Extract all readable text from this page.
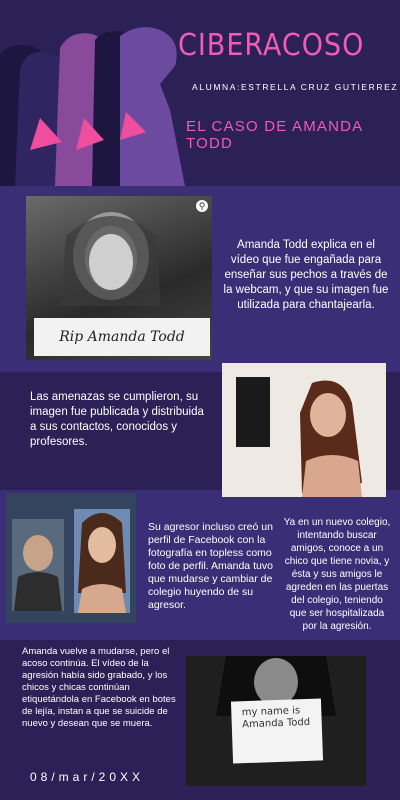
CIBERACOSO
ALUMNA:ESTRELLA CRUZ GUTIERREZ
EL CASO DE AMANDA TODD
⚲
Rip Amanda Todd
Amanda Todd explica en el vídeo que fue engañada para enseñar sus pechos a través de la webcam, y que su imagen fue utilizada para chantajearla.
Las amenazas se cumplieron, su imagen fue publicada y distribuida a sus contactos, conocidos y profesores.
Su agresor incluso creó un perfil de Facebook con la fotografía en topless como foto de perfil. Amanda tuvo que mudarse y cambiar de colegio huyendo de su agresor.
Ya en un nuevo colegio, intentando buscar amigos, conoce a un chico que tiene novia, y ésta y sus amigos le agreden en las puertas del colegio, teniendo que ser hospitalizada por la agresión.
Amanda vuelve a mudarse, pero el acoso continúa. El vídeo de la agresión había sido grabado, y los chicos y chicas continúan etiquetándola en Facebook en botes de lejía, instan a que se suicide de nuevo y desean que se muera.
my name is Amanda Todd
08/mar/20XX
